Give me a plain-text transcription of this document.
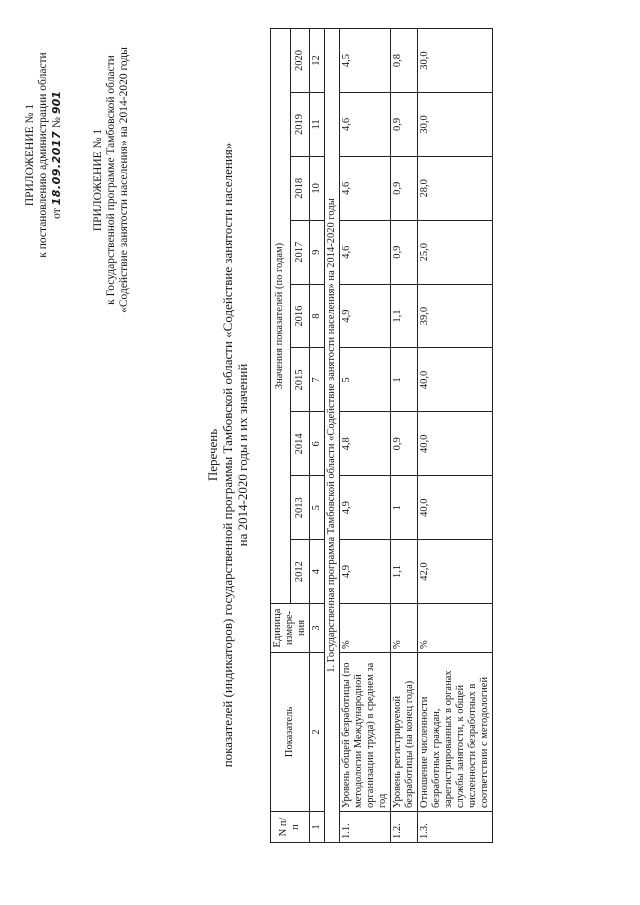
ПРИЛОЖЕНИЕ № 1 к постановлению администрации области от 18.09.2017 № 901
ПРИЛОЖЕНИЕ № 1 к Государственной программе Тамбовской области «Содействие занятости населения» на 2014-2020 годы
Перечень показателей (индикаторов) государственной программы Тамбовской области «Содействие занятости населения» на 2014-2020 годы и их значений
N п/п	Показатель	Единица измере-ния	Значения показателей (по годам)								
			2012	2013	2014	2015	2016	2017	2018	2019	2020
1	2	3	4	5	6	7	8	9	10	11	12
1. Государственная программа Тамбовской области «Содействие занятости населения» на 2014-2020 годы											
1.1.	Уровень общей безработицы (по методологии Международной организации труда) в среднем за год	%	4,9	4,9	4,8	5	4,9	4,6	4,6	4,6	4,5
1.2.	Уровень регистрируемой безработицы (на конец года)	%	1,1	1	0,9	1	1,1	0,9	0,9	0,9	0,8
1.3.	Отношение численности безработных граждан, зарегистрированных в органах службы занятости, к общей численности безработных в соответствии с методологией	%	42,0	40,0	40,0	40,0	39,0	25,0	28,0	30,0	30,0
